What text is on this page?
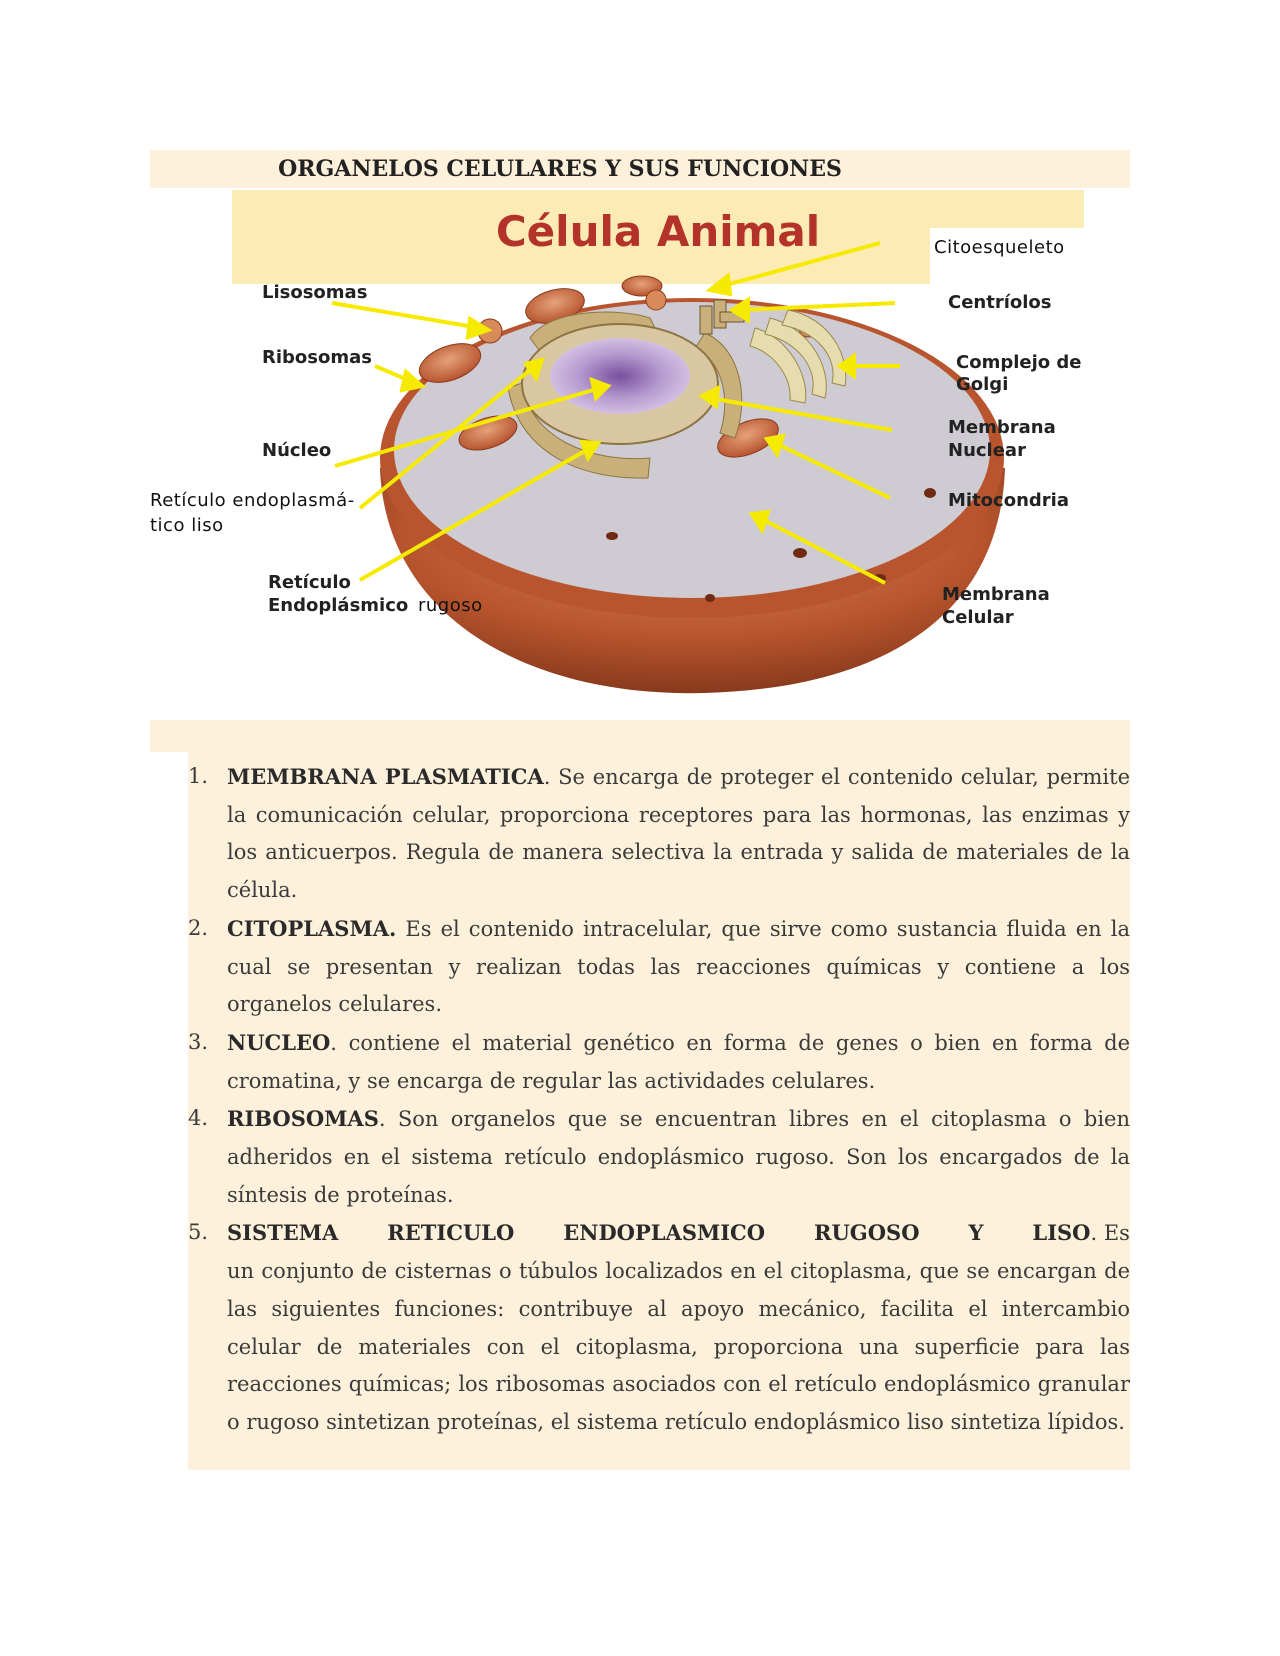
ORGANELOS CELULARES Y SUS FUNCIONES
Célula Animal	Citoesqueleto
Lisosomas	Centríolos
Ribosomas	Complejo de
Golgi
Núcleo
Membrana
Nuclear
Retículo endoplasmá-
tico liso
Mitocondria
Retículo
Endoplásmico rugoso
Membrana
Celular
1. MEMBRANA PLASMATICA. Se encarga de proteger el contenido celular, permite la comunicación celular, proporciona receptores para las hormonas, las enzimas y los anticuerpos. Regula de manera selectiva la entrada y salida de materiales de la célula.
2. CITOPLASMA. Es el contenido intracelular, que sirve como sustancia fluida en la cual se presentan y realizan todas las reacciones químicas y contiene a los organelos celulares.
3. NUCLEO. contiene el material genético en forma de genes o bien en forma de cromatina, y se encarga de regular las actividades celulares.
4. RIBOSOMAS. Son organelos que se encuentran libres en el citoplasma o bien adheridos en el sistema retículo endoplásmico rugoso. Son los encargados de la síntesis de proteínas.
5. SISTEMA RETICULO ENDOPLASMICO RUGOSO Y LISO. Es
un conjunto de cisternas o túbulos localizados en el citoplasma, que se encargan de las siguientes funciones: contribuye al apoyo mecánico, facilita el intercambio celular de materiales con el citoplasma, proporciona una superficie para las reacciones químicas; los ribosomas asociados con el retículo endoplásmico granular o rugoso sintetizan proteínas, el sistema retículo endoplásmico liso sintetiza lípidos.
